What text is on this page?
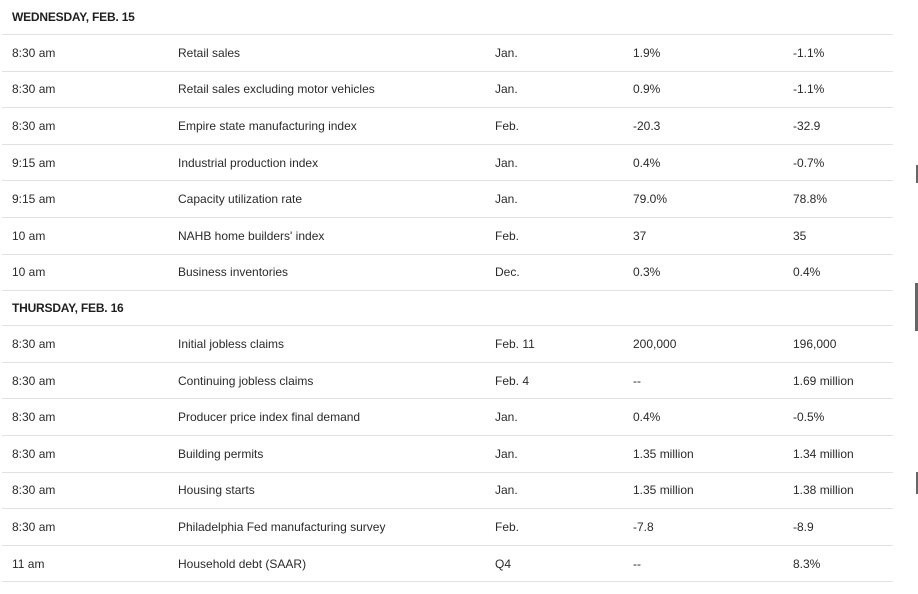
WEDNESDAY, FEB. 15
8:30 am	Retail sales	Jan.	1.9%	-1.1%
8:30 am	Retail sales excluding motor vehicles	Jan.	0.9%	-1.1%
8:30 am	Empire state manufacturing index	Feb.	-20.3	-32.9
9:15 am	Industrial production index	Jan.	0.4%	-0.7%
9:15 am	Capacity utilization rate	Jan.	79.0%	78.8%
10 am	NAHB home builders' index	Feb.	37	35
10 am	Business inventories	Dec.	0.3%	0.4%
THURSDAY, FEB. 16
8:30 am	Initial jobless claims	Feb. 11	200,000	196,000
8:30 am	Continuing jobless claims	Feb. 4	--	1.69 million
8:30 am	Producer price index final demand	Jan.	0.4%	-0.5%
8:30 am	Building permits	Jan.	1.35 million	1.34 million
8:30 am	Housing starts	Jan.	1.35 million	1.38 million
8:30 am	Philadelphia Fed manufacturing survey	Feb.	-7.8	-8.9
11 am	Household debt (SAAR)	Q4	--	8.3%
